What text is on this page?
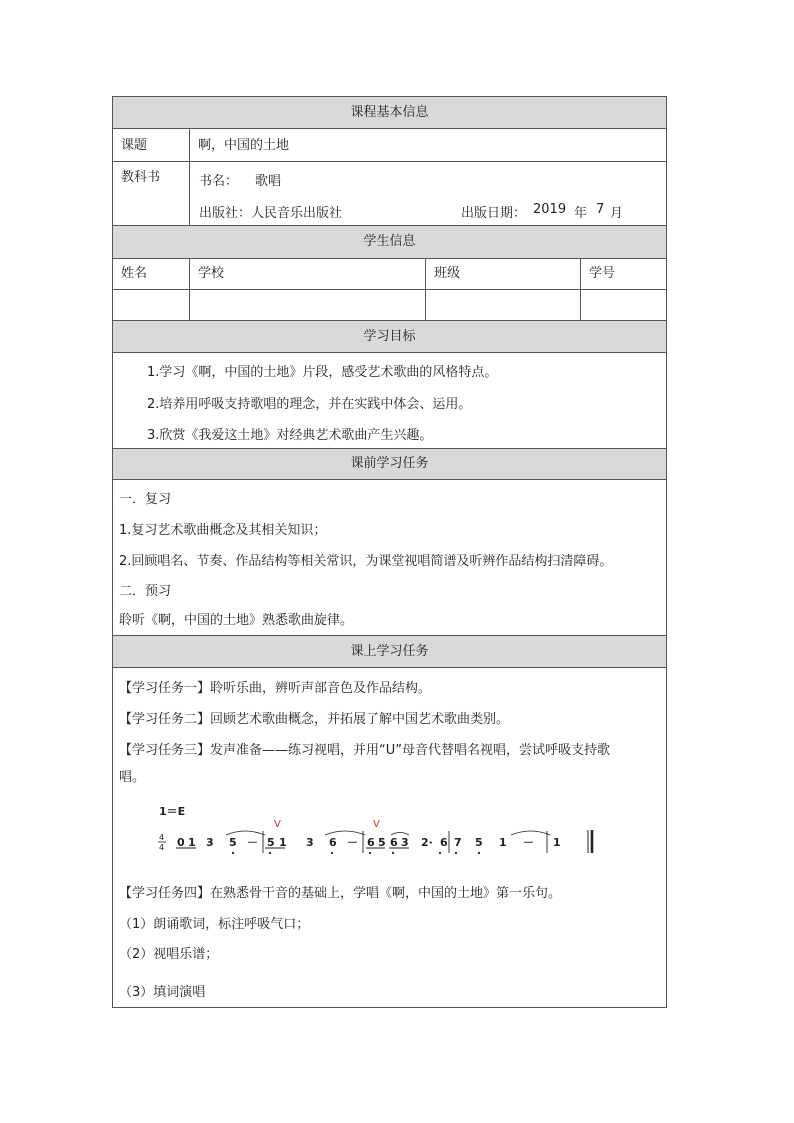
课程基本信息
课题	啊，中国的土地
教科书	书名： 歌唱
出版社： 人民音乐出版社	出版日期： 2019 年 7 月
学生信息
姓名	学校	班级	学号
学习目标
1.学习《啊，中国的土地》片段，感受艺术歌曲的风格特点。
2.培养用呼吸支持歌唱的理念，并在实践中体会、运用。
3.欣赏《我爱这土地》对经典艺术歌曲产生兴趣。
课前学习任务
一．复习
1.复习艺术歌曲概念及其相关知识；
2.回顾唱名、节奏、作品结构等相关常识，为课堂视唱简谱及听辨作品结构扫清障碍。
二．预习
聆听《啊，中国的土地》熟悉歌曲旋律。
课上学习任务
【学习任务一】聆听乐曲，辨听声部音色及作品结构。
【学习任务二】回顾艺术歌曲概念，并拓展了解中国艺术歌曲类别。
【学习任务三】发声准备——练习视唱，并用“U”母音代替唱名视唱，尝试呼吸支持歌
唱。
1＝E
4
4 0 1 3 5 － 5 1 3 6 － 6 5 6 3 2· 6 7 5 1 － 1
V	V
【学习任务四】在熟悉骨干音的基础上，学唱《啊，中国的土地》第一乐句。
（1）朗诵歌词，标注呼吸气口；
（2）视唱乐谱；
（3）填词演唱
